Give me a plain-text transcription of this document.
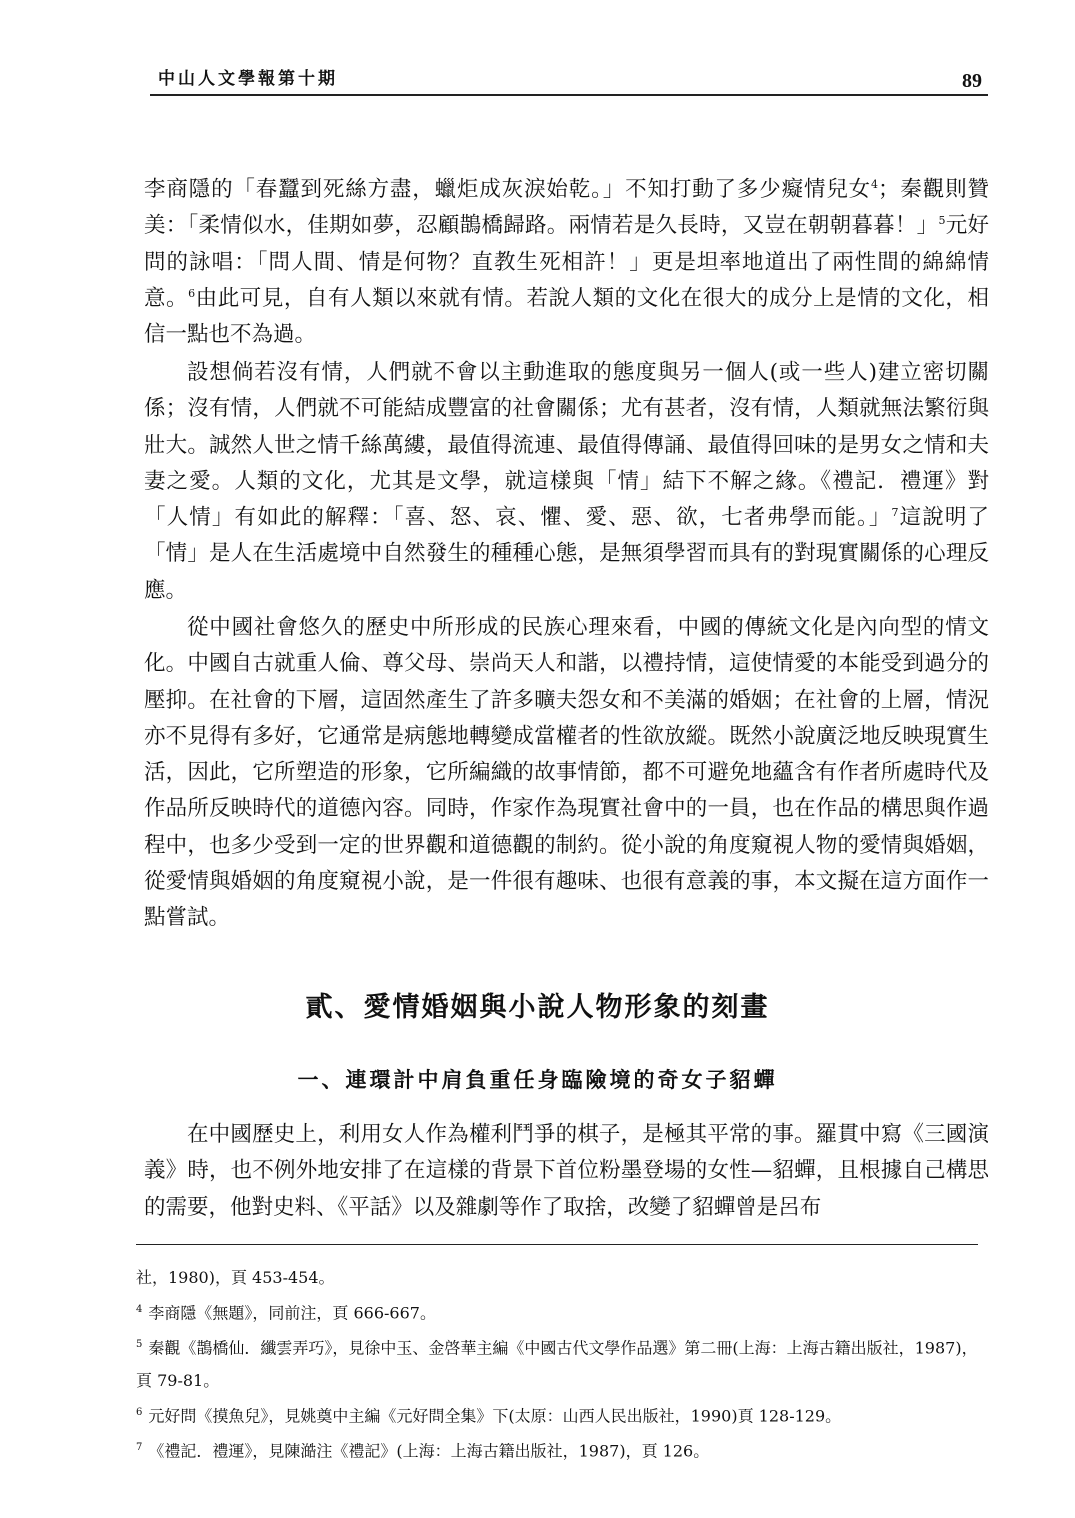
中山人文學報第十期	89

李商隱的「春蠶到死絲方盡，蠟炬成灰淚始乾。」不知打動了多少癡情兒女$^4$；秦觀則贊美：「柔情似水，佳期如夢，忍顧鵲橋歸路。兩情若是久長時，又豈在朝朝暮暮！」$^5$元好問的詠唱：「問人間、情是何物？直教生死相許！」更是坦率地道出了兩性間的綿綿情意。$^6$由此可見，自有人類以來就有情。若說人類的文化在很大的成分上是情的文化，相信一點也不為過。

設想倘若沒有情，人們就不會以主動進取的態度與另一個人(或一些人)建立密切關係；沒有情，人們就不可能結成豐富的社會關係；尤有甚者，沒有情，人類就無法繁衍與壯大。誠然人世之情千絲萬縷，最值得流連、最值得傳誦、最值得回味的是男女之情和夫妻之愛。人類的文化，尤其是文學，就這樣與「情」結下不解之緣。《禮記．禮運》對「人情」有如此的解釋：「喜、怒、哀、懼、愛、惡、欲，七者弗學而能。」$^7$這說明了「情」是人在生活處境中自然發生的種種心態，是無須學習而具有的對現實關係的心理反應。

從中國社會悠久的歷史中所形成的民族心理來看，中國的傳統文化是內向型的情文化。中國自古就重人倫、尊父母、崇尚天人和諧，以禮持情，這使情愛的本能受到過分的壓抑。在社會的下層，這固然產生了許多曠夫怨女和不美滿的婚姻；在社會的上層，情況亦不見得有多好，它通常是病態地轉變成當權者的性欲放縱。既然小說廣泛地反映現實生活，因此，它所塑造的形象，它所編織的故事情節，都不可避免地蘊含有作者所處時代及作品所反映時代的道德內容。同時，作家作為現實社會中的一員，也在作品的構思與作過程中，也多少受到一定的世界觀和道德觀的制約。從小說的角度窺視人物的愛情與婚姻，從愛情與婚姻的角度窺視小說，是一件很有趣味、也很有意義的事，本文擬在這方面作一點嘗試。

貳、愛情婚姻與小說人物形象的刻畫
一、連環計中肩負重任身臨險境的奇女子貂蟬

在中國歷史上，利用女人作為權利鬥爭的棋子，是極其平常的事。羅貫中寫《三國演義》時，也不例外地安排了在這樣的背景下首位粉墨登場的女性—貂蟬，且根據自己構思的需要，他對史料、《平話》以及雜劇等作了取捨，改變了貂蟬曾是呂布

社，1980)，頁 453-454。

$^4$ 李商隱《無題》，同前注，頁 666-667。

$^5$ 秦觀《鵲橋仙．纖雲弄巧》，見徐中玉、金啓華主編《中國古代文學作品選》第二冊(上海：上海古籍出版社，1987)，頁 79-81。

$^6$ 元好問《摸魚兒》，見姚奠中主編《元好問全集》下(太原：山西人民出版社，1990)頁 128-129。

$^7$ 《禮記．禮運》，見陳澔注《禮記》(上海：上海古籍出版社，1987)，頁 126。
